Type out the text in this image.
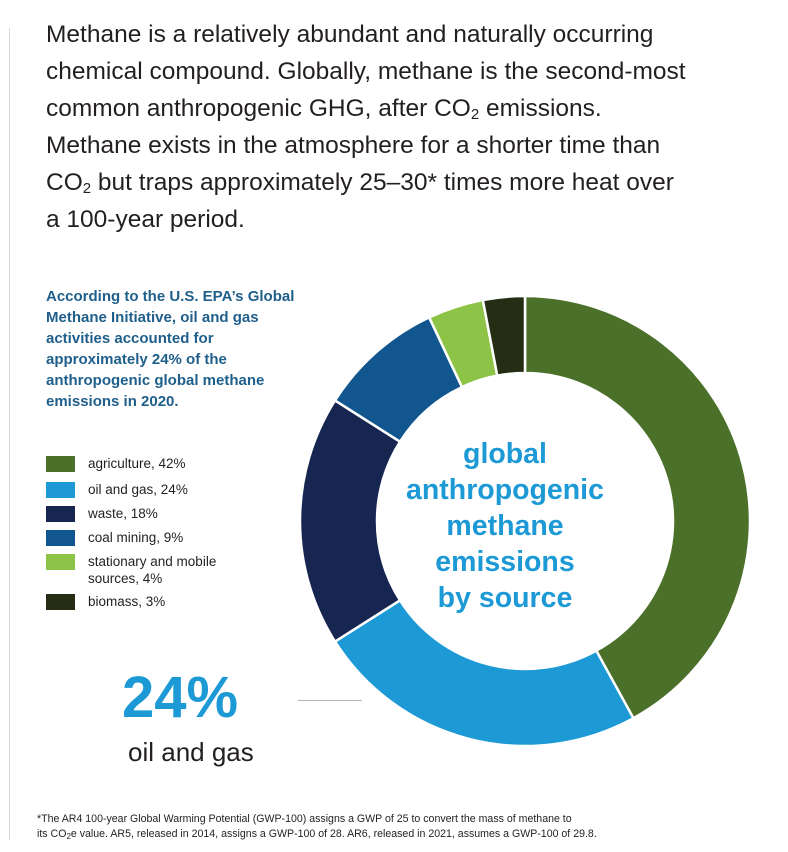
Methane is a relatively abundant and naturally occurring chemical compound. Globally, methane is the second-most common anthropogenic GHG, after $CO_2$ emissions. Methane exists in the atmosphere for a shorter time than $CO_2$ but traps approximately 25–30* times more heat over a 100-year period.

According to the U.S. EPA’s Global Methane Initiative, oil and gas activities accounted for approximately 24% of the anthropogenic global methane emissions in 2020.

agriculture, 42%
oil and gas, 24%
waste, 18%
coal mining, 9%
stationary and mobile sources, 4%
biomass, 3%
global
anthropogenic
methane
emissions
by source
24%
oil and gas

*The AR4 100-year Global Warming Potential (GWP-100) assigns a GWP of 25 to convert the mass of methane to
its $CO_2e$ value. AR5, released in 2014, assigns a GWP-100 of 28. AR6, released in 2021, assumes a GWP-100 of 29.8.
